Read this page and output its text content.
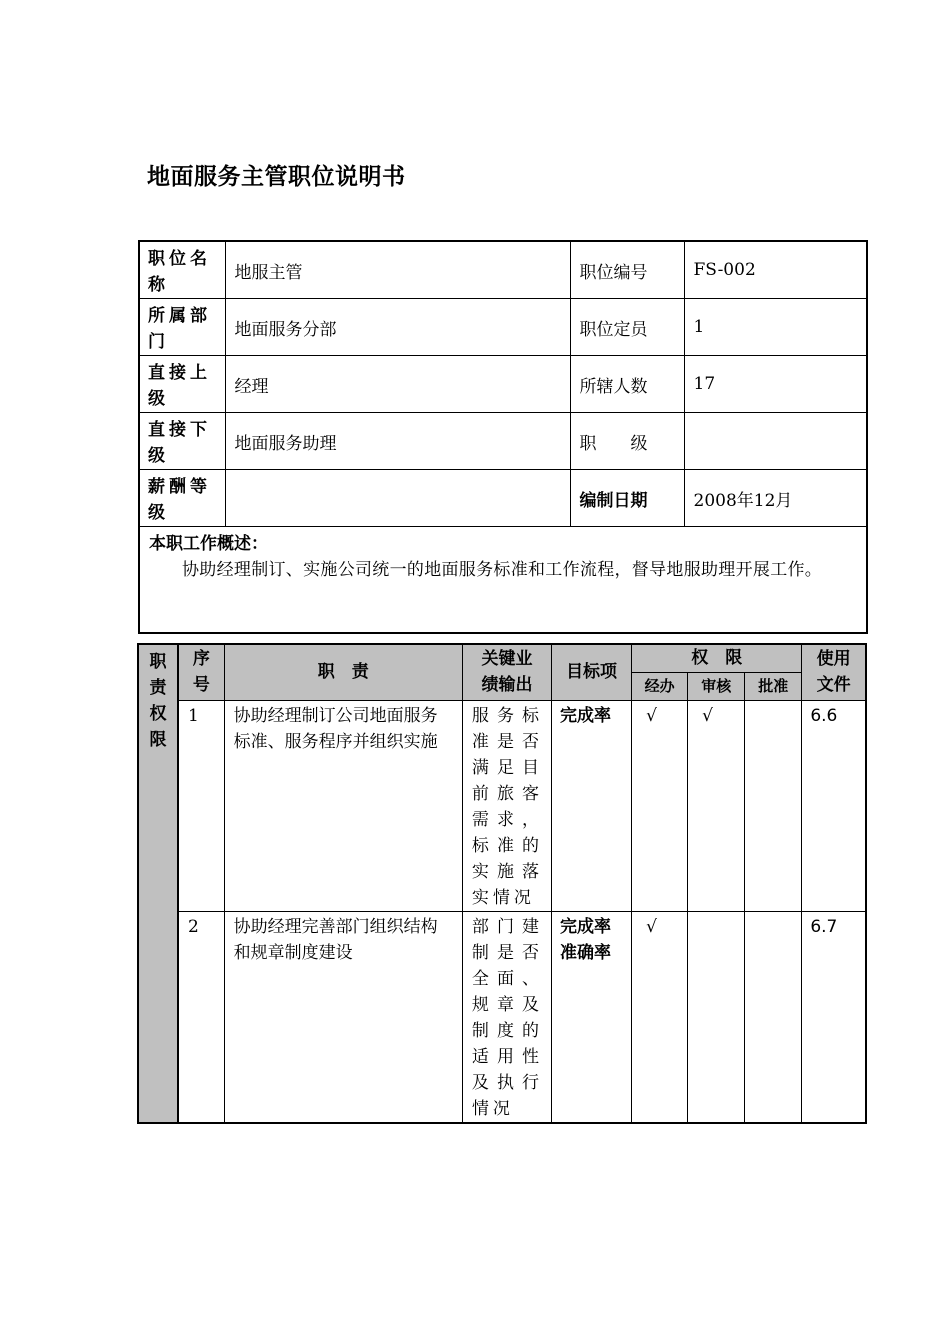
地面服务主管职位说明书
职位名称	地服主管	职位编号	FS-002
所属部门	地面服务分部	职位定员	1
直接上级	经理	所辖人数	17
直接下级	地面服务助理	职　　级	
薪酬等级		编制日期	2008年12月

本职工作概述：
协助经理制订、实施公司统一的地面服务标准和工作流程，督导地服助理开展工作。			
职责权限	序号	职　责	关键业绩输出	目标项	权　限			使用文件

					经办	审核	批准	
	1	协助经理制订公司地面服务标准、服务程序并组织实施	服务标准是否满足目前旅客需求，标准的实施落实情况	完成率	√	√		6.6
	2	协助经理完善部门组织结构和规章制度建设	部门建制是否全面、规章及制度的适用性及执行情况	完成率准确率	√			6.7
